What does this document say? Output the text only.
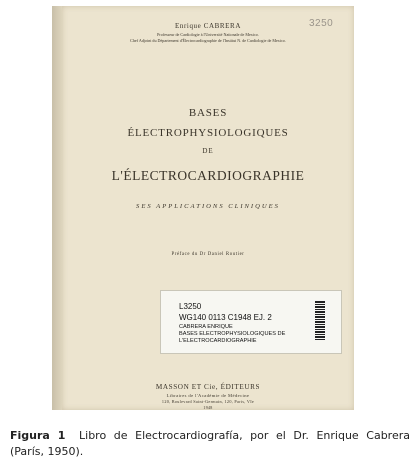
Enrique CABRERA
Professeur de Cardiologie à l'Université Nationale de Mexico.
Chef Adjoint du Département d'Électrocardiographie de l'Institut N. de Cardiologie de Mexico.
3250
BASES
ÉLECTROPHYSIOLOGIQUES
DE
L'ÉLECTROCARDIOGRAPHIE
SES APPLICATIONS CLINIQUES
Préface du Dr Daniel Routier
L3250
WG140 0113 C1948 EJ. 2
CABRERA ENRIQUE
BASES ELECTROPHYSIOLOGIQUES DE
L'ELECTROCARDIOGRAPHIE
MASSON ET Cie, ÉDITEURS
Libraires de l'Académie de Médecine
120, Boulevard Saint-Germain, 120, Paris, VIe
1948
Figura 1 Libro de Electrocardiografía, por el Dr. Enrique Cabrera (París, 1950).
